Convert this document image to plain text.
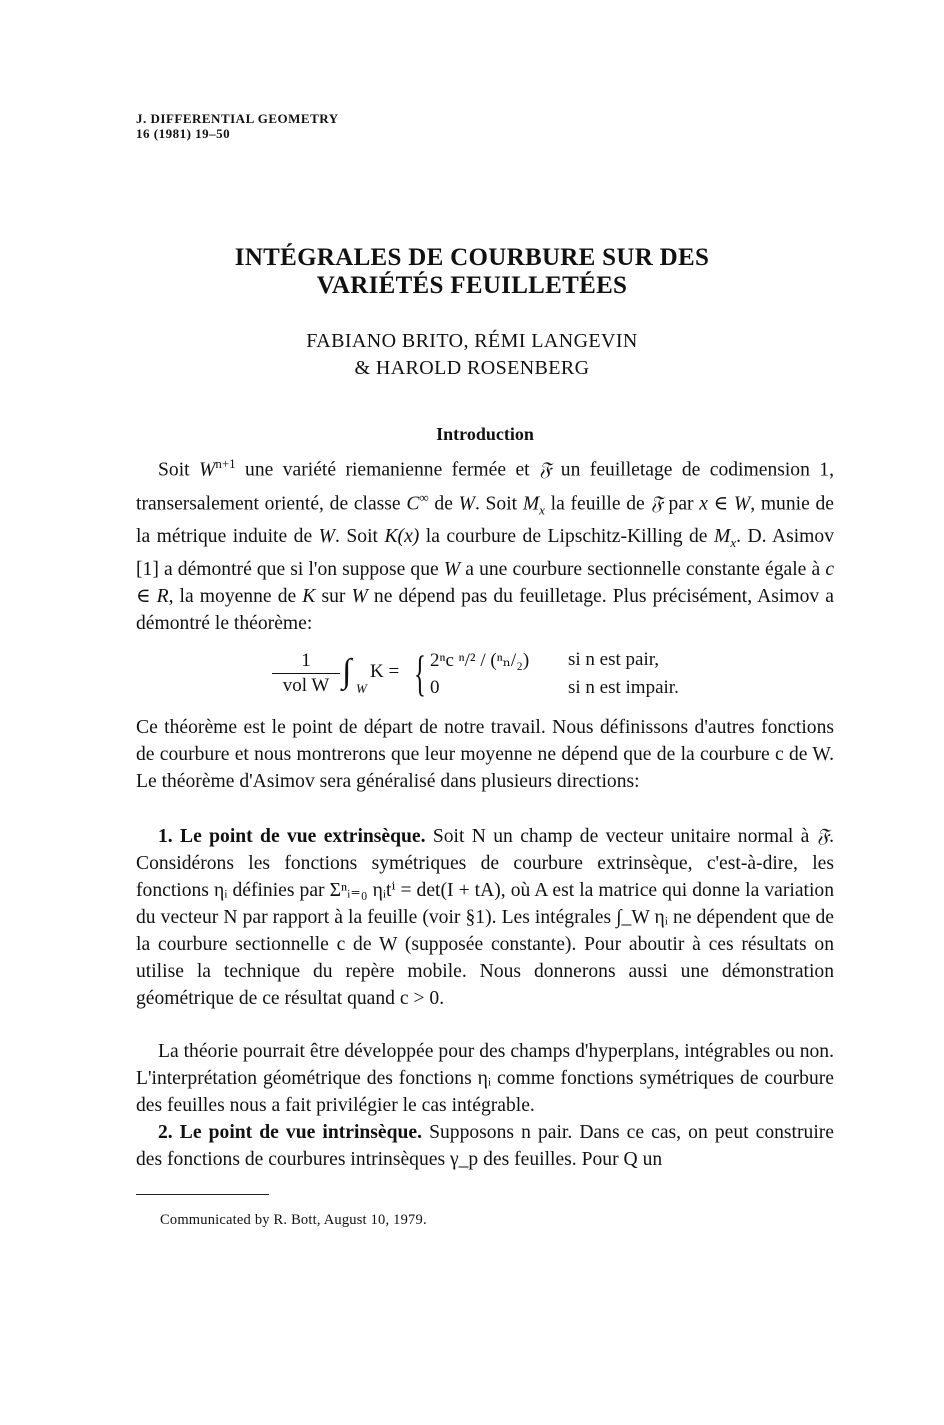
J. DIFFERENTIAL GEOMETRY
16 (1981) 19–50
INTÉGRALES DE COURBURE SUR DES
VARIÉTÉS FEUILLETÉES
FABIANO BRITO, RÉMI LANGEVIN
& HAROLD ROSENBERG
Introduction

Soit $W^{n+1}$ une variété riemanienne fermée et 𝔉 un feuilletage de codimension 1, transersalement orienté, de classe C∞ de W. Soit $M_x$ la feuille de 𝔉 par x ∈ W, munie de la métrique induite de W. Soit K(x) la courbure de Lipschitz-Killing de $M_x$. D. Asimov [1] a démontré que si l'on suppose que W a une courbure sectionnelle constante égale à c ∈ R, la moyenne de K sur W ne dépend pas du feuilletage. Plus précisément, Asimov a démontré le théorème:

1
vol W ∫ W
K = { 2ⁿc ⁿ/² / (ⁿₙ/₂)
0
si n est pair,
si n est impair.

Ce théorème est le point de départ de notre travail. Nous définissons d'autres fonctions de courbure et nous montrerons que leur moyenne ne dépend que de la courbure c de W. Le théorème d'Asimov sera généralisé dans plusieurs directions:

1. Le point de vue extrinsèque. Soit N un champ de vecteur unitaire normal à 𝔉. Considérons les fonctions symétriques de courbure extrinsèque, c'est-à-dire, les fonctions ηᵢ définies par Σⁿᵢ₌₀ ηᵢtⁱ = det(I + tA), où A est la matrice qui donne la variation du vecteur N par rapport à la feuille (voir §1). Les intégrales ∫_W ηᵢ ne dépendent que de la courbure sectionnelle c de W (supposée constante). Pour aboutir à ces résultats on utilise la technique du repère mobile. Nous donnerons aussi une démonstration géométrique de ce résultat quand c > 0.

La théorie pourrait être développée pour des champs d'hyperplans, intégrables ou non. L'interprétation géométrique des fonctions ηᵢ comme fonctions symétriques de courbure des feuilles nous a fait privilégier le cas intégrable.

2. Le point de vue intrinsèque. Supposons n pair. Dans ce cas, on peut construire des fonctions de courbures intrinsèques γ_p des feuilles. Pour Q un

Communicated by R. Bott, August 10, 1979.
